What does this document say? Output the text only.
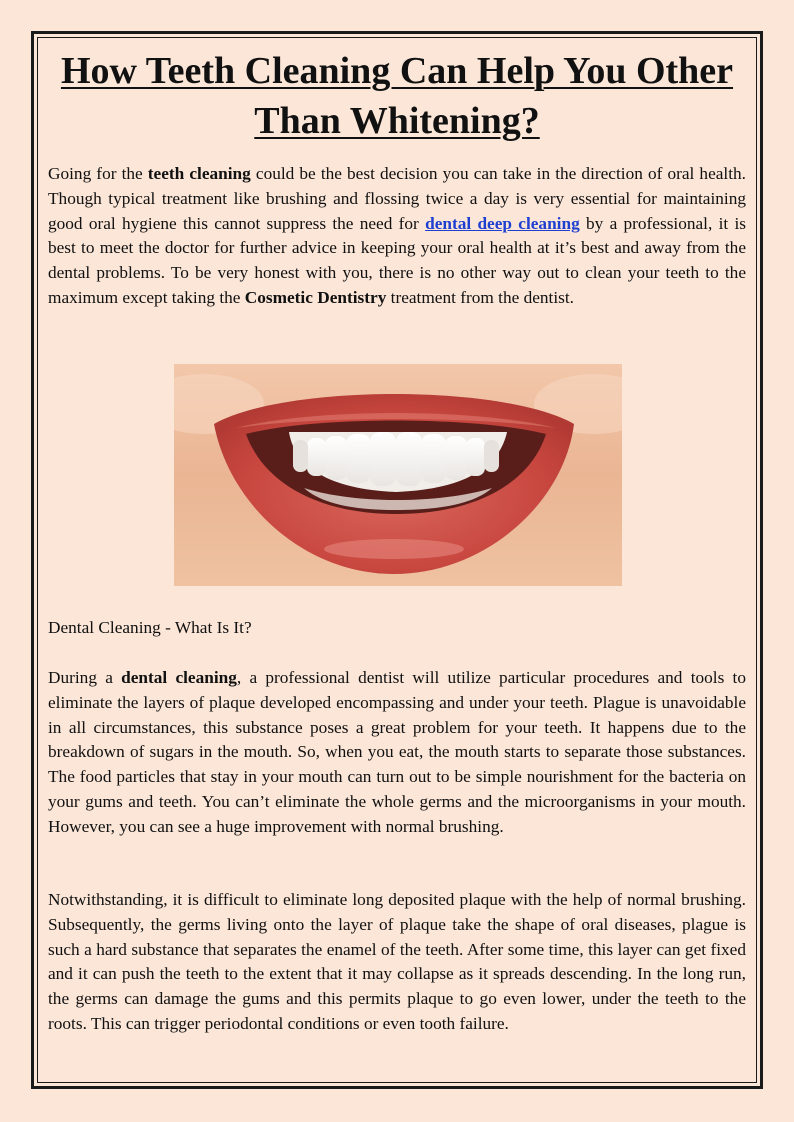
How Teeth Cleaning Can Help You Other Than Whitening?

Going for the teeth cleaning could be the best decision you can take in the direction of oral health. Though typical treatment like brushing and flossing twice a day is very essential for maintaining good oral hygiene this cannot suppress the need for dental deep cleaning by a professional, it is best to meet the doctor for further advice in keeping your oral health at it’s best and away from the dental problems. To be very honest with you, there is no other way out to clean your teeth to the maximum except taking the Cosmetic Dentistry treatment from the dentist.

Dental Cleaning - What Is It?

During a dental cleaning, a professional dentist will utilize particular procedures and tools to eliminate the layers of plaque developed encompassing and under your teeth. Plague is unavoidable in all circumstances, this substance poses a great problem for your teeth. It happens due to the breakdown of sugars in the mouth. So, when you eat, the mouth starts to separate those substances. The food particles that stay in your mouth can turn out to be simple nourishment for the bacteria on your gums and teeth. You can’t eliminate the whole germs and the microorganisms in your mouth. However, you can see a huge improvement with normal brushing.

Notwithstanding, it is difficult to eliminate long deposited plaque with the help of normal brushing. Subsequently, the germs living onto the layer of plaque take the shape of oral diseases, plague is such a hard substance that separates the enamel of the teeth. After some time, this layer can get fixed and it can push the teeth to the extent that it may collapse as it spreads descending. In the long run, the germs can damage the gums and this permits plaque to go even lower, under the teeth to the roots. This can trigger periodontal conditions or even tooth failure.
